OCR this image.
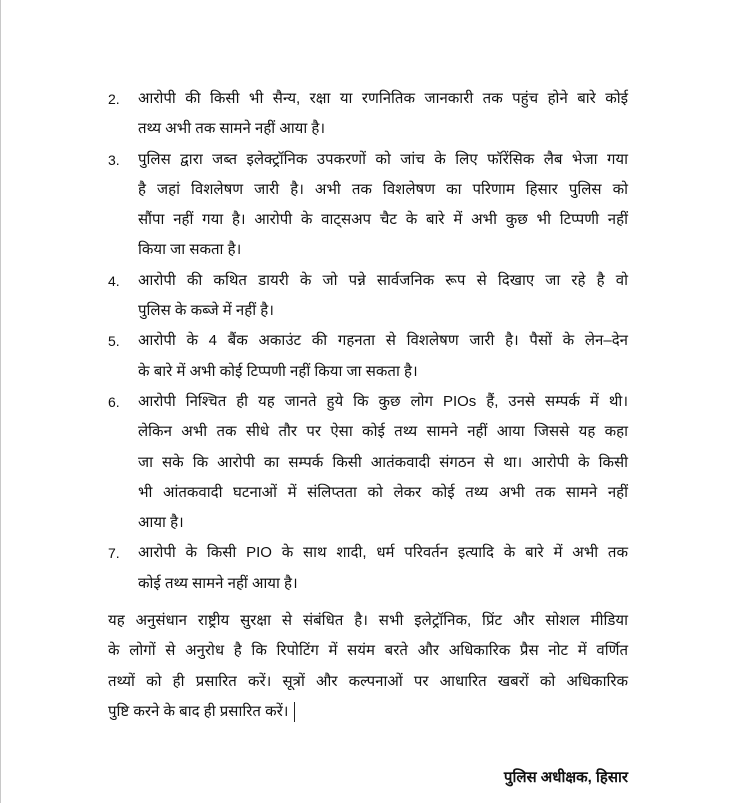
2. आरोपी की किसी भी सैन्य, रक्षा या रणनितिक जानकारी तक पहुंच होने बारे कोई
तथ्य अभी तक सामने नहीं आया है।
3. पुलिस द्वारा जब्त इलेक्ट्रॉनिक उपकरणों को जांच के लिए फॉरेंसिक लैब भेजा गया
है जहां विशलेषण जारी है। अभी तक विशलेषण का परिणाम हिसार पुलिस को
सौंपा नहीं गया है। आरोपी के वाट्सअप चैट के बारे में अभी कुछ भी टिप्पणी नहीं
किया जा सकता है।
4. आरोपी की कथित डायरी के जो पन्ने सार्वजनिक रूप से दिखाए जा रहे है वो
पुलिस के कब्जे में नहीं है।
5. आरोपी के 4 बैंक अकाउंट की गहनता से विशलेषण जारी है। पैसों के लेन–देन
के बारे में अभी कोई टिप्पणी नहीं किया जा सकता है।
6. आरोपी निश्चित ही यह जानते हुये कि कुछ लोग PIOs हैं, उनसे सम्पर्क में थी।
लेकिन अभी तक सीधे तौर पर ऐसा कोई तथ्य सामने नहीं आया जिससे यह कहा
जा सके कि आरोपी का सम्पर्क किसी आतंकवादी संगठन से था। आरोपी के किसी
भी आंतकवादी घटनाओं में संलिप्तता को लेकर कोई तथ्य अभी तक सामने नहीं
आया है।
7. आरोपी के किसी PIO के साथ शादी, धर्म परिवर्तन इत्यादि के बारे में अभी तक
कोई तथ्य सामने नहीं आया है।
यह अनुसंधान राष्ट्रीय सुरक्षा से संबंधित है। सभी इलेट्रॉनिक, प्रिंट और सोशल मीडिया
के लोगों से अनुरोध है कि रिपोटिंग में सयंम बरते और अधिकारिक प्रैस नोट में वर्णित
तथ्यों को ही प्रसारित करें। सूत्रों और कल्पनाओं पर आधारित खबरों को अधिकारिक
पुष्टि करने के बाद ही प्रसारित करें।
पुलिस अधीक्षक, हिसार
